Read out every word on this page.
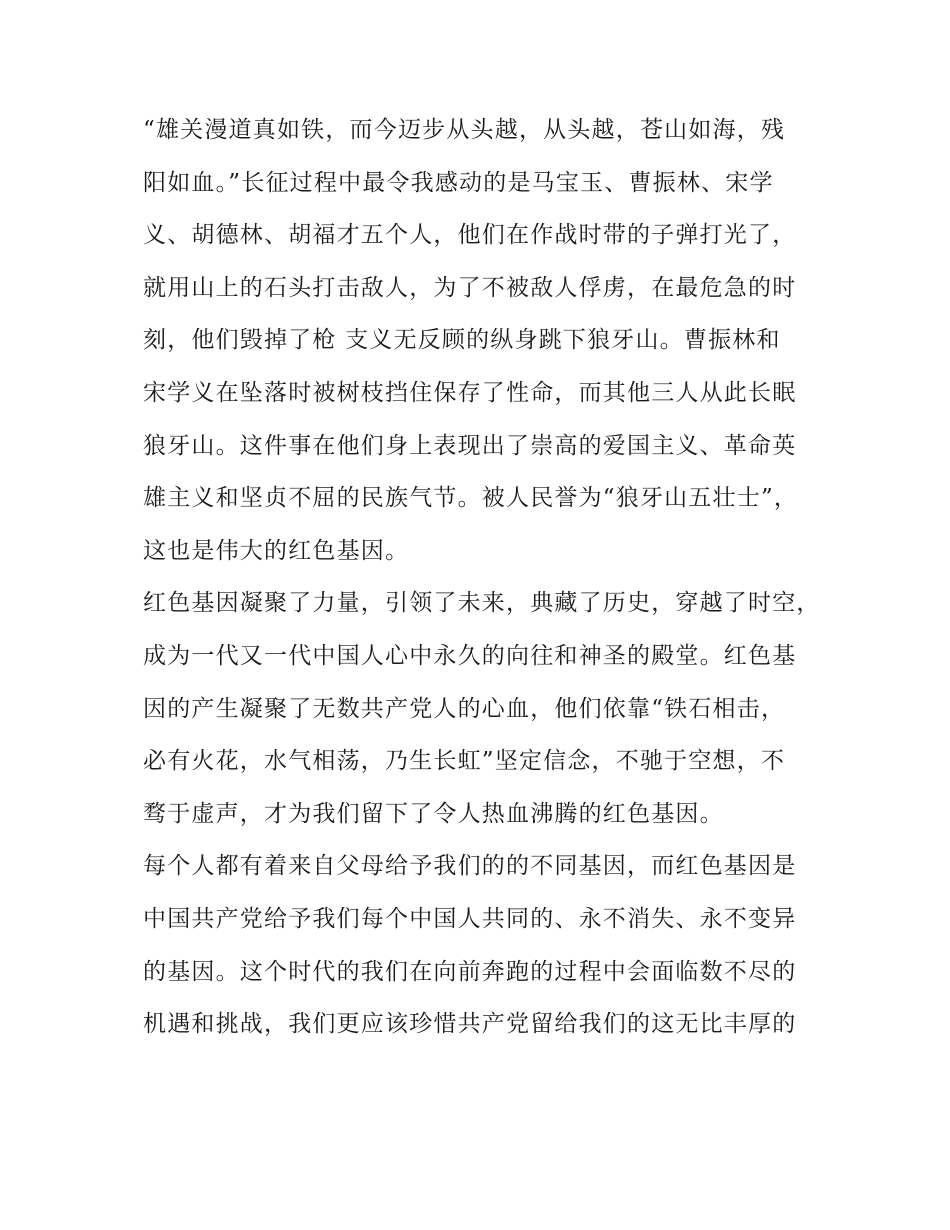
“雄关漫道真如铁，而今迈步从头越，从头越，苍山如海，残
阳如血。”长征过程中最令我感动的是马宝玉、曹振林、宋学
义、胡德林、胡福才五个人，他们在作战时带的子弹打光了，
就用山上的石头打击敌人，为了不被敌人俘虏，在最危急的时
刻，他们毁掉了枪 支义无反顾的纵身跳下狼牙山。曹振林和
宋学义在坠落时被树枝挡住保存了性命，而其他三人从此长眠
狼牙山。这件事在他们身上表现出了崇高的爱国主义、革命英
雄主义和坚贞不屈的民族气节。被人民誉为“狼牙山五壮士”，
这也是伟大的红色基因。
红色基因凝聚了力量，引领了未来，典藏了历史，穿越了时空，
成为一代又一代中国人心中永久的向往和神圣的殿堂。红色基
因的产生凝聚了无数共产党人的心血，他们依靠“铁石相击，
必有火花，水气相荡，乃生长虹”坚定信念，不驰于空想，不
骛于虚声，才为我们留下了令人热血沸腾的红色基因。
每个人都有着来自父母给予我们的的不同基因，而红色基因是
中国共产党给予我们每个中国人共同的、永不消失、永不变异
的基因。这个时代的我们在向前奔跑的过程中会面临数不尽的
机遇和挑战，我们更应该珍惜共产党留给我们的这无比丰厚的
